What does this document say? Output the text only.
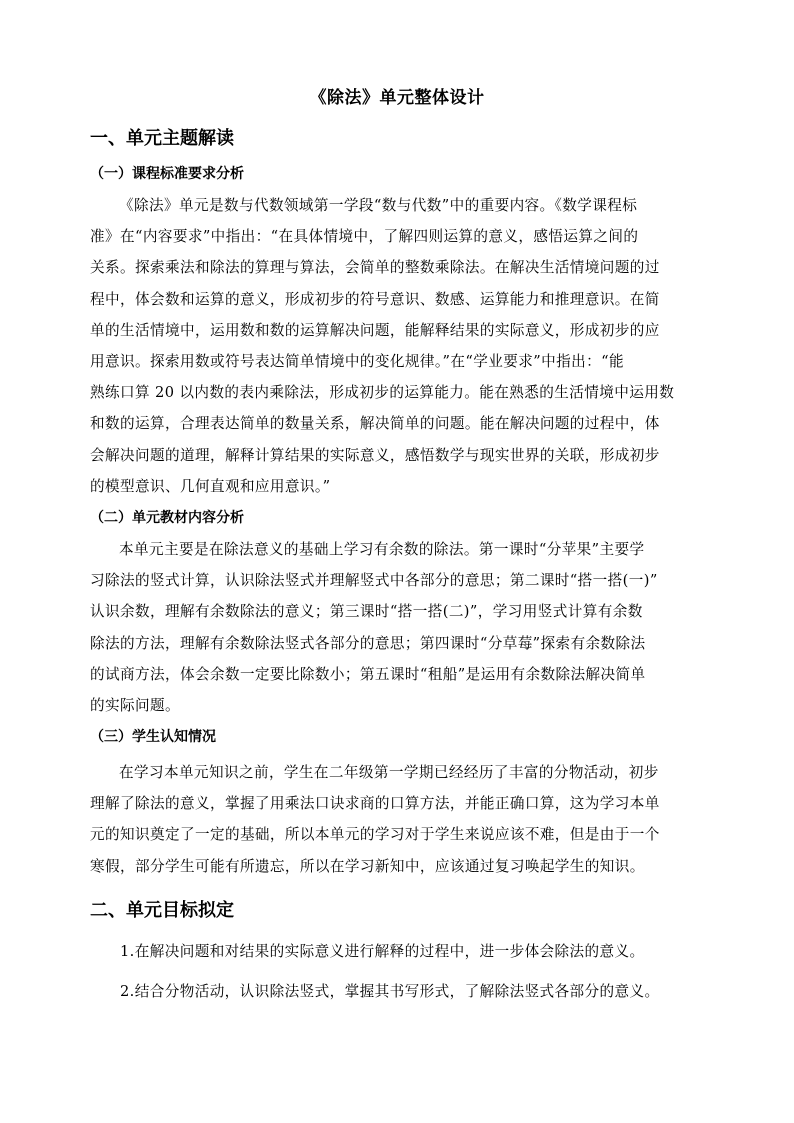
《除法》单元整体设计
一、单元主题解读
（一）课程标准要求分析
《除法》单元是数与代数领域第一学段“数与代数”中的重要内容。《数学课程标
准》在“内容要求”中指出：“在具体情境中，了解四则运算的意义，感悟运算之间的
关系。探索乘法和除法的算理与算法，会简单的整数乘除法。在解决生活情境问题的过
程中，体会数和运算的意义，形成初步的符号意识、数感、运算能力和推理意识。在简
单的生活情境中，运用数和数的运算解决问题，能解释结果的实际意义，形成初步的应
用意识。探索用数或符号表达简单情境中的变化规律。”在“学业要求”中指出：“能
熟练口算 20 以内数的表内乘除法，形成初步的运算能力。能在熟悉的生活情境中运用数
和数的运算，合理表达简单的数量关系，解决简单的问题。能在解决问题的过程中，体
会解决问题的道理，解释计算结果的实际意义，感悟数学与现实世界的关联，形成初步
的模型意识、几何直观和应用意识。”
（二）单元教材内容分析
本单元主要是在除法意义的基础上学习有余数的除法。第一课时“分苹果”主要学
习除法的竖式计算，认识除法竖式并理解竖式中各部分的意思；第二课时“搭一搭(一)”
认识余数，理解有余数除法的意义；第三课时“搭一搭(二)”，学习用竖式计算有余数
除法的方法，理解有余数除法竖式各部分的意思；第四课时“分草莓”探索有余数除法
的试商方法，体会余数一定要比除数小；第五课时“租船”是运用有余数除法解决简单
的实际问题。
（三）学生认知情况
在学习本单元知识之前，学生在二年级第一学期已经经历了丰富的分物活动，初步
理解了除法的意义，掌握了用乘法口诀求商的口算方法，并能正确口算，这为学习本单
元的知识奠定了一定的基础，所以本单元的学习对于学生来说应该不难，但是由于一个
寒假，部分学生可能有所遗忘，所以在学习新知中，应该通过复习唤起学生的知识。
二、单元目标拟定
1.在解决问题和对结果的实际意义进行解释的过程中，进一步体会除法的意义。
2.结合分物活动，认识除法竖式，掌握其书写形式，了解除法竖式各部分的意义。
